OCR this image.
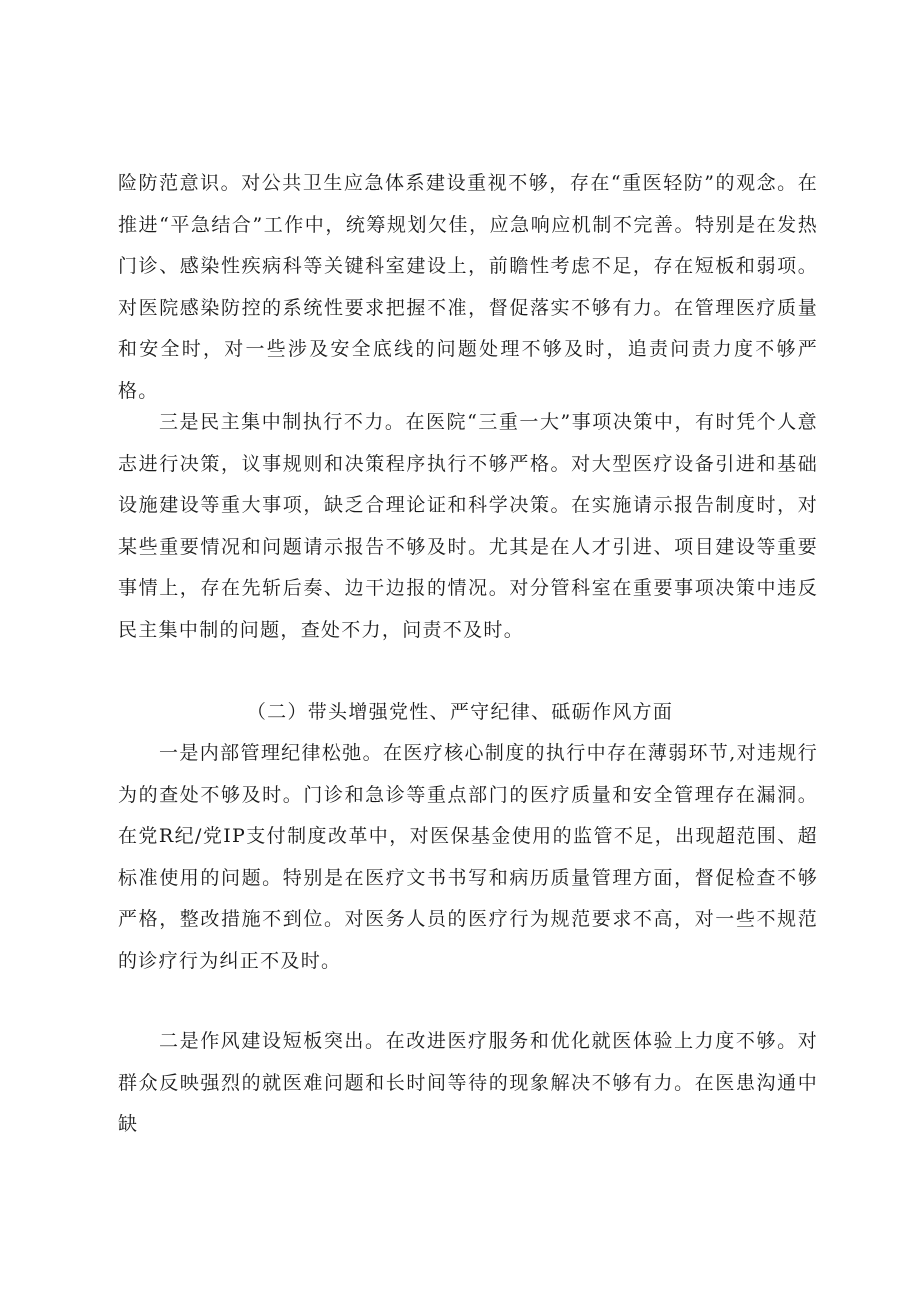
险防范意识。对公共卫生应急体系建设重视不够，存在“重医轻防”的观念。在推进“平急结合”工作中，统筹规划欠佳，应急响应机制不完善。特别是在发热门诊、感染性疾病科等关键科室建设上，前瞻性考虑不足，存在短板和弱项。对医院感染防控的系统性要求把握不准，督促落实不够有力。在管理医疗质量和安全时，对一些涉及安全底线的问题处理不够及时，追责问责力度不够严格。

三是民主集中制执行不力。在医院“三重一大”事项决策中，有时凭个人意志进行决策，议事规则和决策程序执行不够严格。对大型医疗设备引进和基础设施建设等重大事项，缺乏合理论证和科学决策。在实施请示报告制度时，对某些重要情况和问题请示报告不够及时。尤其是在人才引进、项目建设等重要事情上，存在先斩后奏、边干边报的情况。对分管科室在重要事项决策中违反民主集中制的问题，查处不力，问责不及时。

（二）带头增强党性、严守纪律、砥砺作风方面

一是内部管理纪律松弛。在医疗核心制度的执行中存在薄弱环节,对违规行为的查处不够及时。门诊和急诊等重点部门的医疗质量和安全管理存在漏洞。在党R纪/党IP支付制度改革中，对医保基金使用的监管不足，出现超范围、超标准使用的问题。特别是在医疗文书书写和病历质量管理方面，督促检查不够严格，整改措施不到位。对医务人员的医疗行为规范要求不高，对一些不规范的诊疗行为纠正不及时。

二是作风建设短板突出。在改进医疗服务和优化就医体验上力度不够。对群众反映强烈的就医难问题和长时间等待的现象解决不够有力。在医患沟通中缺
